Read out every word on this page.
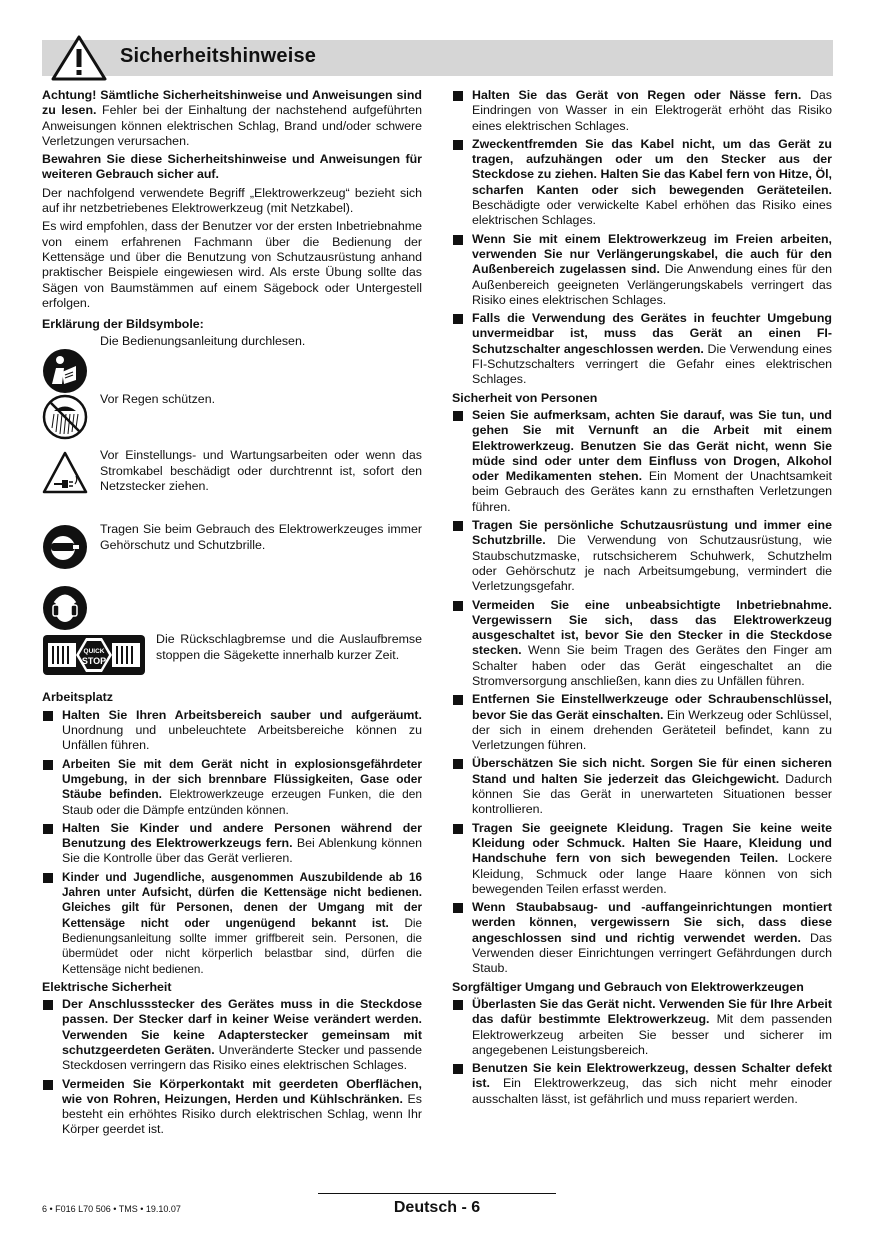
Sicherheitshinweise

Achtung! Sämtliche Sicherheitshinweise und Anweisungen sind zu lesen. Fehler bei der Einhaltung der nachstehend aufgeführten Anweisungen können elektrischen Schlag, Brand und/oder schwere Verletzungen verursachen.

Bewahren Sie diese Sicherheitshinweise und Anweisungen für weiteren Gebrauch sicher auf.

Der nachfolgend verwendete Begriff „Elektrowerkzeug“ bezieht sich auf ihr netzbetriebenes Elektrowerkzeug (mit Netzkabel).

Es wird empfohlen, dass der Benutzer vor der ersten Inbetriebnahme von einem erfahrenen Fachmann über die Bedienung der Kettensäge und über die Benutzung von Schutzausrüstung anhand praktischer Beispiele eingewiesen wird. Als erste Übung sollte das Sägen von Baumstämmen auf einem Sägebock oder Untergestell erfolgen.

Erklärung der Bildsymbole:
Die Bedienungsanleitung durchlesen.
Vor Regen schützen.
Vor Einstellungs- und Wartungsarbeiten oder wenn das Stromkabel beschädigt oder durchtrennt ist, sofort den Netzstecker ziehen.

Tragen Sie beim Gebrauch des Elektrowerkzeuges immer Gehörschutz und Schutzbrille.
QUICK
STOP
Die Rückschlagbremse und die Auslaufbremse stoppen die Sägekette innerhalb kurzer Zeit.
Arbeitsplatz
Halten Sie Ihren Arbeitsbereich sauber und aufgeräumt. Unordnung und unbeleuchtete Arbeitsbereiche können zu Unfällen führen.
Arbeiten Sie mit dem Gerät nicht in explosionsgefährdeter Umgebung, in der sich brennbare Flüssigkeiten, Gase oder Stäube befinden. Elektrowerkzeuge erzeugen Funken, die den Staub oder die Dämpfe entzünden können.
Halten Sie Kinder und andere Personen während der Benutzung des Elektrowerkzeugs fern. Bei Ablenkung können Sie die Kontrolle über das Gerät verlieren.
Kinder und Jugendliche, ausgenommen Auszubildende ab 16 Jahren unter Aufsicht, dürfen die Kettensäge nicht bedienen. Gleiches gilt für Personen, denen der Umgang mit der Kettensäge nicht oder ungenügend bekannt ist. Die Bedienungsanleitung sollte immer griffbereit sein. Personen, die übermüdet oder nicht körperlich belastbar sind, dürfen die Kettensäge nicht bedienen.
Elektrische Sicherheit
Der Anschlussstecker des Gerätes muss in die Steckdose passen. Der Stecker darf in keiner Weise verändert werden. Verwenden Sie keine Adapterstecker gemeinsam mit schutzgeerdeten Geräten. Unveränderte Stecker und passende Steckdosen verringern das Risiko eines elektrischen Schlages.
Vermeiden Sie Körperkontakt mit geerdeten Oberflächen, wie von Rohren, Heizungen, Herden und Kühlschränken. Es besteht ein erhöhtes Risiko durch elektrischen Schlag, wenn Ihr Körper geerdet ist.
Halten Sie das Gerät von Regen oder Nässe fern. Das Eindringen von Wasser in ein Elektrogerät erhöht das Risiko eines elektrischen Schlages.
Zweckentfremden Sie das Kabel nicht, um das Gerät zu tragen, aufzuhängen oder um den Stecker aus der Steckdose zu ziehen. Halten Sie das Kabel fern von Hitze, Öl, scharfen Kanten oder sich bewegenden Geräteteilen. Beschädigte oder verwickelte Kabel erhöhen das Risiko eines elektrischen Schlages.
Wenn Sie mit einem Elektrowerkzeug im Freien arbeiten, verwenden Sie nur Verlängerungskabel, die auch für den Außenbereich zugelassen sind. Die Anwendung eines für den Außenbereich geeigneten Verlängerungskabels verringert das Risiko eines elektrischen Schlages.
Falls die Verwendung des Gerätes in feuchter Umgebung unvermeidbar ist, muss das Gerät an einen FI-Schutzschalter angeschlossen werden. Die Verwendung eines FI-Schutzschalters verringert die Gefahr eines elektrischen Schlages.
Sicherheit von Personen
Seien Sie aufmerksam, achten Sie darauf, was Sie tun, und gehen Sie mit Vernunft an die Arbeit mit einem Elektrowerkzeug. Benutzen Sie das Gerät nicht, wenn Sie müde sind oder unter dem Einfluss von Drogen, Alkohol oder Medikamenten stehen. Ein Moment der Unachtsamkeit beim Gebrauch des Gerätes kann zu ernsthaften Verletzungen führen.
Tragen Sie persönliche Schutzausrüstung und immer eine Schutzbrille. Die Verwendung von Schutzausrüstung, wie Staubschutzmaske, rutschsicherem Schuhwerk, Schutzhelm oder Gehörschutz je nach Arbeitsumgebung, vermindert die Verletzungsgefahr.
Vermeiden Sie eine unbeabsichtigte Inbetriebnahme. Vergewissern Sie sich, dass das Elektrowerkzeug ausgeschaltet ist, bevor Sie den Stecker in die Steckdose stecken. Wenn Sie beim Tragen des Gerätes den Finger am Schalter haben oder das Gerät eingeschaltet an die Stromversorgung anschließen, kann dies zu Unfällen führen.
Entfernen Sie Einstellwerkzeuge oder Schraubenschlüssel, bevor Sie das Gerät einschalten. Ein Werkzeug oder Schlüssel, der sich in einem drehenden Geräteteil befindet, kann zu Verletzungen führen.
Überschätzen Sie sich nicht. Sorgen Sie für einen sicheren Stand und halten Sie jederzeit das Gleichgewicht. Dadurch können Sie das Gerät in unerwarteten Situationen besser kontrollieren.
Tragen Sie geeignete Kleidung. Tragen Sie keine weite Kleidung oder Schmuck. Halten Sie Haare, Kleidung und Handschuhe fern von sich bewegenden Teilen. Lockere Kleidung, Schmuck oder lange Haare können von sich bewegenden Teilen erfasst werden.
Wenn Staubabsaug- und -auffangeinrichtungen montiert werden können, vergewissern Sie sich, dass diese angeschlossen sind und richtig verwendet werden. Das Verwenden dieser Einrichtungen verringert Gefährdungen durch Staub.
Sorgfältiger Umgang und Gebrauch von Elektrowerkzeugen
Überlasten Sie das Gerät nicht. Verwenden Sie für Ihre Arbeit das dafür bestimmte Elektrowerkzeug. Mit dem passenden Elektrowerkzeug arbeiten Sie besser und sicherer im angegebenen Leistungsbereich.
Benutzen Sie kein Elektrowerkzeug, dessen Schalter defekt ist. Ein Elektrowerkzeug, das sich nicht mehr einoder ausschalten lässt, ist gefährlich und muss repariert werden.
6 • F016 L70 506 • TMS • 19.10.07	Deutsch - 6
